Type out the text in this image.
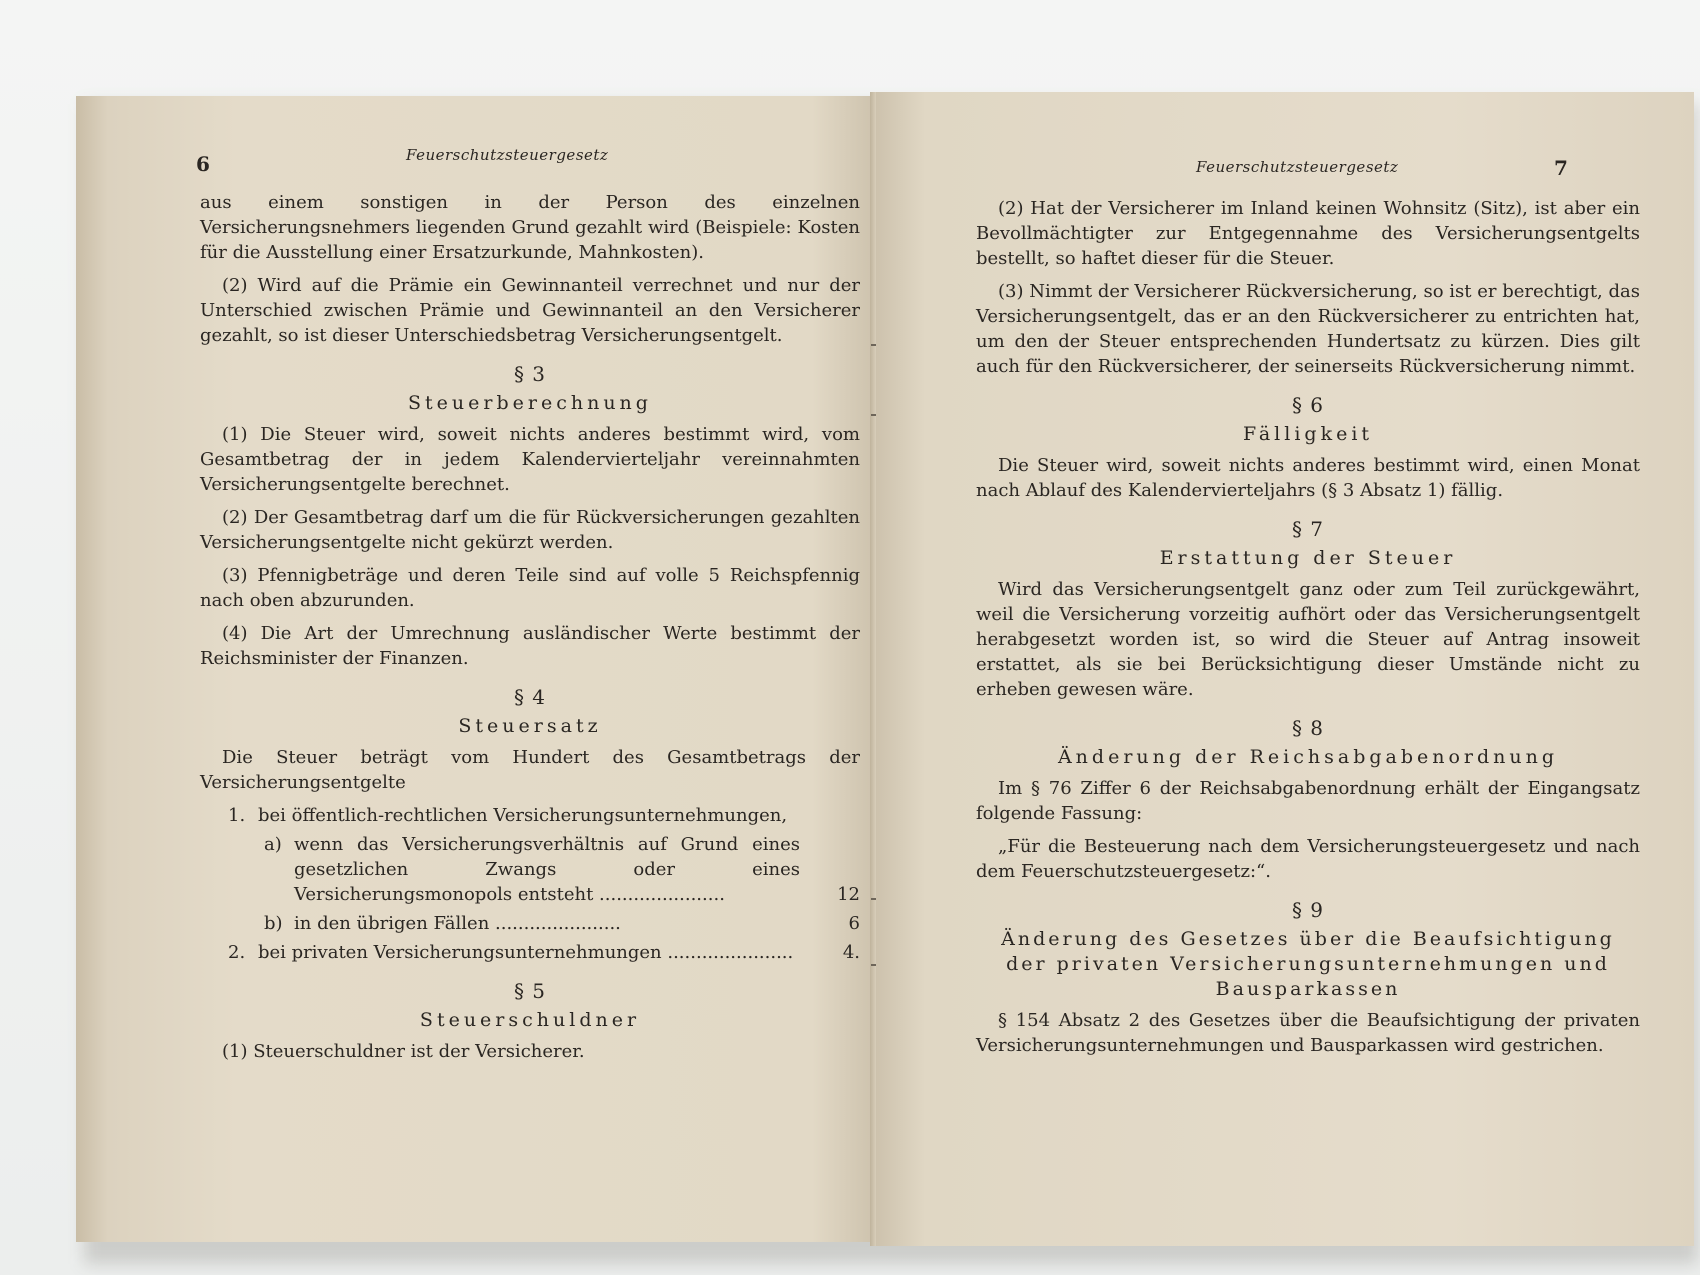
6	Feuerschutzsteuergesetz

aus einem sonstigen in der Person des einzelnen Versicherungsnehmers liegenden Grund gezahlt wird (Beispiele: Kosten für die Ausstellung einer Ersatzurkunde, Mahnkosten).

(2) Wird auf die Prämie ein Gewinnanteil verrechnet und nur der Unterschied zwischen Prämie und Gewinnanteil an den Versicherer gezahlt, so ist dieser Unterschiedsbetrag Versicherungsentgelt.

§ 3
Steuerberechnung

(1) Die Steuer wird, soweit nichts anderes bestimmt wird, vom Gesamtbetrag der in jedem Kalendervierteljahr vereinnahmten Versicherungsentgelte berechnet.

(2) Der Gesamtbetrag darf um die für Rückversicherungen gezahlten Versicherungsentgelte nicht gekürzt werden.

(3) Pfennigbeträge und deren Teile sind auf volle 5 Reichspfennig nach oben abzurunden.

(4) Die Art der Umrechnung ausländischer Werte bestimmt der Reichsminister der Finanzen.

§ 4
Steuersatz

Die Steuer beträgt vom Hundert des Gesamtbetrags der Versicherungsentgelte

1. bei öffentlich-rechtlichen Versicherungsunternehmungen,
a) wenn das Versicherungsverhältnis auf Grund eines gesetzlichen Zwangs oder eines Versicherungsmonopols entsteht ......................	12
b) in den übrigen Fällen ......................	6
2. bei privaten Versicherungsunternehmungen ......................	4.
§ 5
Steuerschuldner

(1) Steuerschuldner ist der Versicherer.

Feuerschutzsteuergesetz	7

(2) Hat der Versicherer im Inland keinen Wohnsitz (Sitz), ist aber ein Bevollmächtigter zur Entgegennahme des Versicherungsentgelts bestellt, so haftet dieser für die Steuer.

(3) Nimmt der Versicherer Rückversicherung, so ist er berechtigt, das Versicherungsentgelt, das er an den Rückversicherer zu entrichten hat, um den der Steuer entsprechenden Hundertsatz zu kürzen. Dies gilt auch für den Rückversicherer, der seinerseits Rückversicherung nimmt.

§ 6
Fälligkeit

Die Steuer wird, soweit nichts anderes bestimmt wird, einen Monat nach Ablauf des Kalendervierteljahrs (§ 3 Absatz 1) fällig.

§ 7
Erstattung der Steuer

Wird das Versicherungsentgelt ganz oder zum Teil zurückgewährt, weil die Versicherung vorzeitig aufhört oder das Versicherungsentgelt herabgesetzt worden ist, so wird die Steuer auf Antrag insoweit erstattet, als sie bei Berücksichtigung dieser Umstände nicht zu erheben gewesen wäre.

§ 8
Änderung der Reichsabgabenordnung

Im § 76 Ziffer 6 der Reichsabgabenordnung erhält der Eingangsatz folgende Fassung:

„Für die Besteuerung nach dem Versicherungsteuergesetz und nach dem Feuerschutzsteuergesetz:“.

§ 9
Änderung des Gesetzes über die Beaufsichtigung der privaten Versicherungsunternehmungen und Bausparkassen

§ 154 Absatz 2 des Gesetzes über die Beaufsichtigung der privaten Versicherungsunternehmungen und Bausparkassen wird gestrichen.
